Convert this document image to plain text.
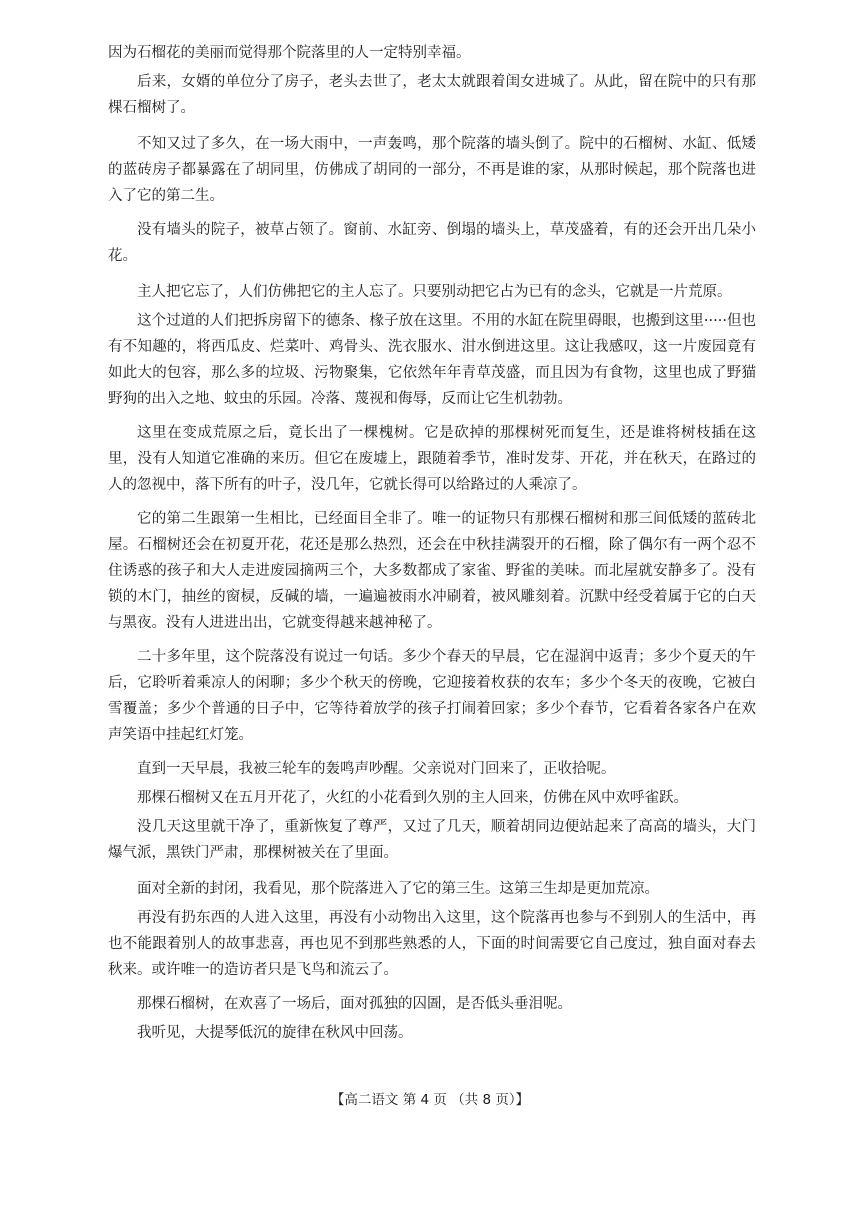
因为石榴花的美丽而觉得那个院落里的人一定特别幸福。

后来，女婿的单位分了房子，老头去世了，老太太就跟着闺女进城了。从此，留在院中的只有那棵石榴树了。

不知又过了多久，在一场大雨中，一声轰鸣，那个院落的墙头倒了。院中的石榴树、水缸、低矮的蓝砖房子都暴露在了胡同里，仿佛成了胡同的一部分，不再是谁的家，从那时候起，那个院落也进入了它的第二生。

没有墙头的院子，被草占领了。窗前、水缸旁、倒塌的墙头上，草茂盛着，有的还会开出几朵小花。

主人把它忘了，人们仿佛把它的主人忘了。只要别动把它占为已有的念头，它就是一片荒原。

这个过道的人们把拆房留下的德条、椽子放在这里。不用的水缸在院里碍眼，也搬到这里·····但也有不知趣的，将西瓜皮、烂菜叶、鸡骨头、洗衣服水、泔水倒进这里。这让我感叹，这一片废园竟有如此大的包容，那么多的垃圾、污物聚集，它依然年年青草茂盛，而且因为有食物，这里也成了野猫野狗的出入之地、蚊虫的乐园。冷落、蔑视和侮辱，反而让它生机勃勃。

这里在变成荒原之后，竟长出了一棵槐树。它是砍掉的那棵树死而复生，还是谁将树枝插在这里，没有人知道它准确的来历。但它在废墟上，跟随着季节，准时发芽、开花，并在秋天，在路过的人的忽视中，落下所有的叶子，没几年，它就长得可以给路过的人乘凉了。

它的第二生跟第一生相比，已经面目全非了。唯一的证物只有那棵石榴树和那三间低矮的蓝砖北屋。石榴树还会在初夏开花，花还是那么热烈，还会在中秋挂满裂开的石榴，除了偶尔有一两个忍不住诱惑的孩子和大人走进废园摘两三个，大多数都成了家雀、野雀的美味。而北屋就安静多了。没有锁的木门，抽丝的窗棂，反碱的墙，一遍遍被雨水冲刷着，被风雕刻着。沉默中经受着属于它的白天与黑夜。没有人进进出出，它就变得越来越神秘了。

二十多年里，这个院落没有说过一句话。多少个春天的早晨，它在湿润中返青；多少个夏天的午后，它聆听着乘凉人的闲聊；多少个秋天的傍晚，它迎接着枚获的农车；多少个冬天的夜晚，它被白雪覆盖；多少个普通的日子中，它等待着放学的孩子打闹着回家；多少个春节，它看着各家各户在欢声笑语中挂起红灯笼。

直到一天早晨，我被三轮车的轰鸣声吵醒。父亲说对门回来了，正收拾呢。

那棵石榴树又在五月开花了，火红的小花看到久别的主人回来，仿佛在风中欢呼雀跃。

没几天这里就干净了，重新恢复了尊严，又过了几天，顺着胡同边便站起来了高高的墙头，大门爆气派，黑铁门严肃，那棵树被关在了里面。

面对全新的封闭，我看见，那个院落进入了它的第三生。这第三生却是更加荒凉。

再没有扔东西的人进入这里，再没有小动物出入这里，这个院落再也参与不到别人的生活中，再也不能跟着别人的故事悲喜，再也见不到那些熟悉的人，下面的时间需要它自己度过，独自面对春去秋来。或许唯一的造访者只是飞鸟和流云了。

那棵石榴树，在欢喜了一场后，面对孤独的囚圄，是否低头垂泪呢。

我听见，大提琴低沉的旋律在秋风中回荡。

【高二语文 第 4 页 （共 8 页）】
